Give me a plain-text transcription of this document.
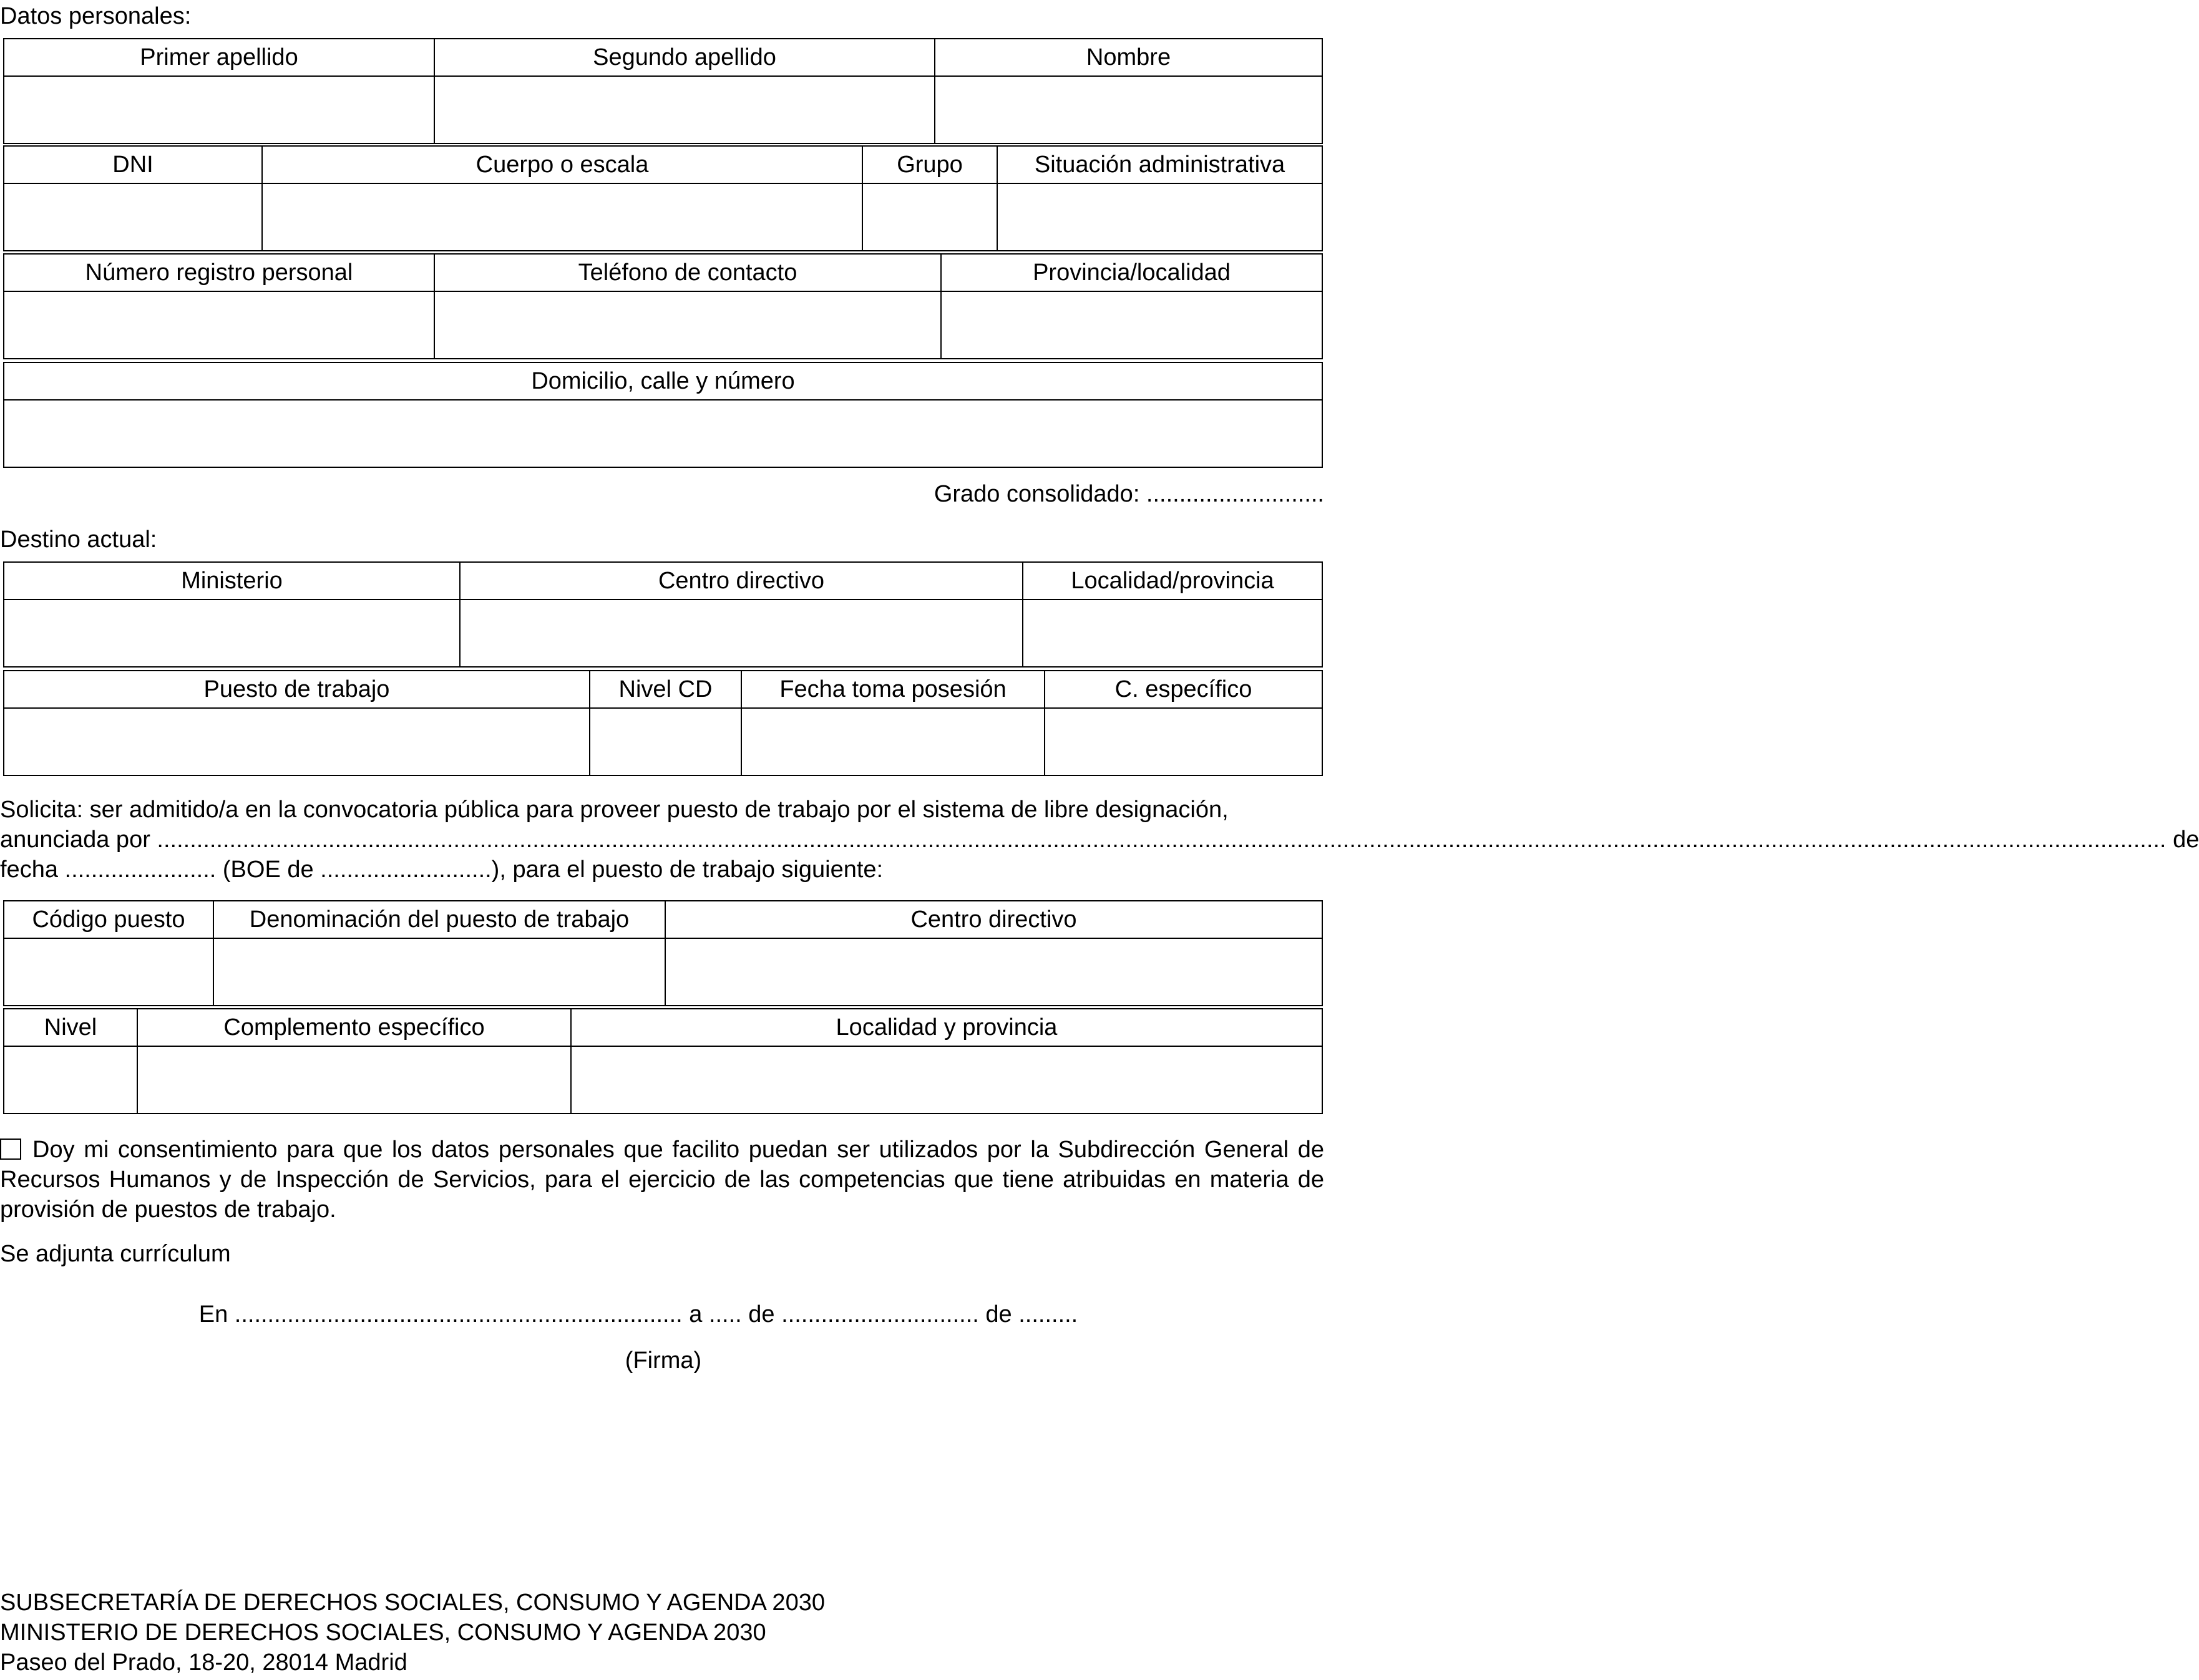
Datos personales:
Primer apellido	Segundo apellido	Nombre

DNI	Cuerpo o escala	Grupo	Situación administrativa

Número registro personal	Teléfono de contacto	Provincia/localidad

Domicilio, calle y número

Grado consolidado: ...........................
Destino actual:
Ministerio	Centro directivo	Localidad/provincia

Puesto de trabajo	Nivel CD	Fecha toma posesión	C. específico

Solicita: ser admitido/a en la convocatoria pública para proveer puesto de trabajo por el sistema de libre designación,
anunciada por .................................................................................................................................................................................................................................................................................................................
de
fecha ....................... (BOE de ..........................), para el puesto de trabajo siguiente:
Código puesto	Denominación del puesto de trabajo	Centro directivo

Nivel	Complemento específico	Localidad y provincia

Doy mi consentimiento para que los datos personales que facilito puedan ser utilizados por la Subdirección General de Recursos Humanos y de Inspección de Servicios, para el ejercicio de las competencias que tiene atribuidas en materia de provisión de puestos de trabajo.
Se adjunta currículum
En .................................................................... a ..... de .............................. de .........
(Firma)
SUBSECRETARÍA DE DERECHOS SOCIALES, CONSUMO Y AGENDA 2030
MINISTERIO DE DERECHOS SOCIALES, CONSUMO Y AGENDA 2030
Paseo del Prado, 18-20, 28014 Madrid
